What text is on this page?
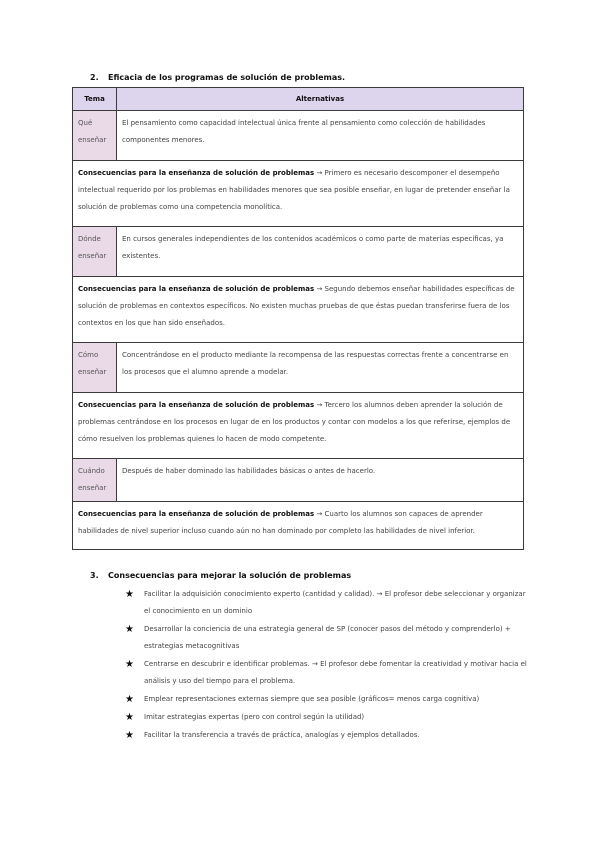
2. Eficacia de los programas de solución de problemas.
Tema	Alternativas
Qué enseñar	El pensamiento como capacidad intelectual única frente al pensamiento como colección de habilidades componentes menores.
Consecuencias para la enseñanza de solución de problemas → Primero es necesario descomponer el desempeño intelectual requerido por los problemas en habilidades menores que sea posible enseñar, en lugar de pretender enseñar la solución de problemas como una competencia monolítica.	
Dónde enseñar	En cursos generales independientes de los contenidos académicos o como parte de materias específicas, ya existentes.
Consecuencias para la enseñanza de solución de problemas → Segundo debemos enseñar habilidades específicas de solución de problemas en contextos específicos. No existen muchas pruebas de que éstas puedan transferirse fuera de los contextos en los que han sido enseñados.	
Cómo enseñar	Concentrándose en el producto mediante la recompensa de las respuestas correctas frente a concentrarse en los procesos que el alumno aprende a modelar.
Consecuencias para la enseñanza de solución de problemas → Tercero los alumnos deben aprender la solución de problemas centrándose en los procesos en lugar de en los productos y contar con modelos a los que referirse, ejemplos de cómo resuelven los problemas quienes lo hacen de modo competente.	
Cuándo enseñar	Después de haber dominado las habilidades básicas o antes de hacerlo.
Consecuencias para la enseñanza de solución de problemas → Cuarto los alumnos son capaces de aprender habilidades de nivel superior incluso cuando aún no han dominado por completo las habilidades de nivel inferior.	
3. Consecuencias para mejorar la solución de problemas
★ Facilitar la adquisición conocimiento experto (cantidad y calidad). → El profesor debe seleccionar y organizar el conocimiento en un dominio
★ Desarrollar la conciencia de una estrategia general de SP (conocer pasos del método y comprenderlo) + estrategias metacognitivas
★ Centrarse en descubrir e identificar problemas. → El profesor debe fomentar la creatividad y motivar hacia el análisis y uso del tiempo para el problema.
★ Emplear representaciones externas siempre que sea posible (gráficos= menos carga cognitiva)
★ Imitar estrategias expertas (pero con control según la utilidad)
★ Facilitar la transferencia a través de práctica, analogías y ejemplos detallados.
